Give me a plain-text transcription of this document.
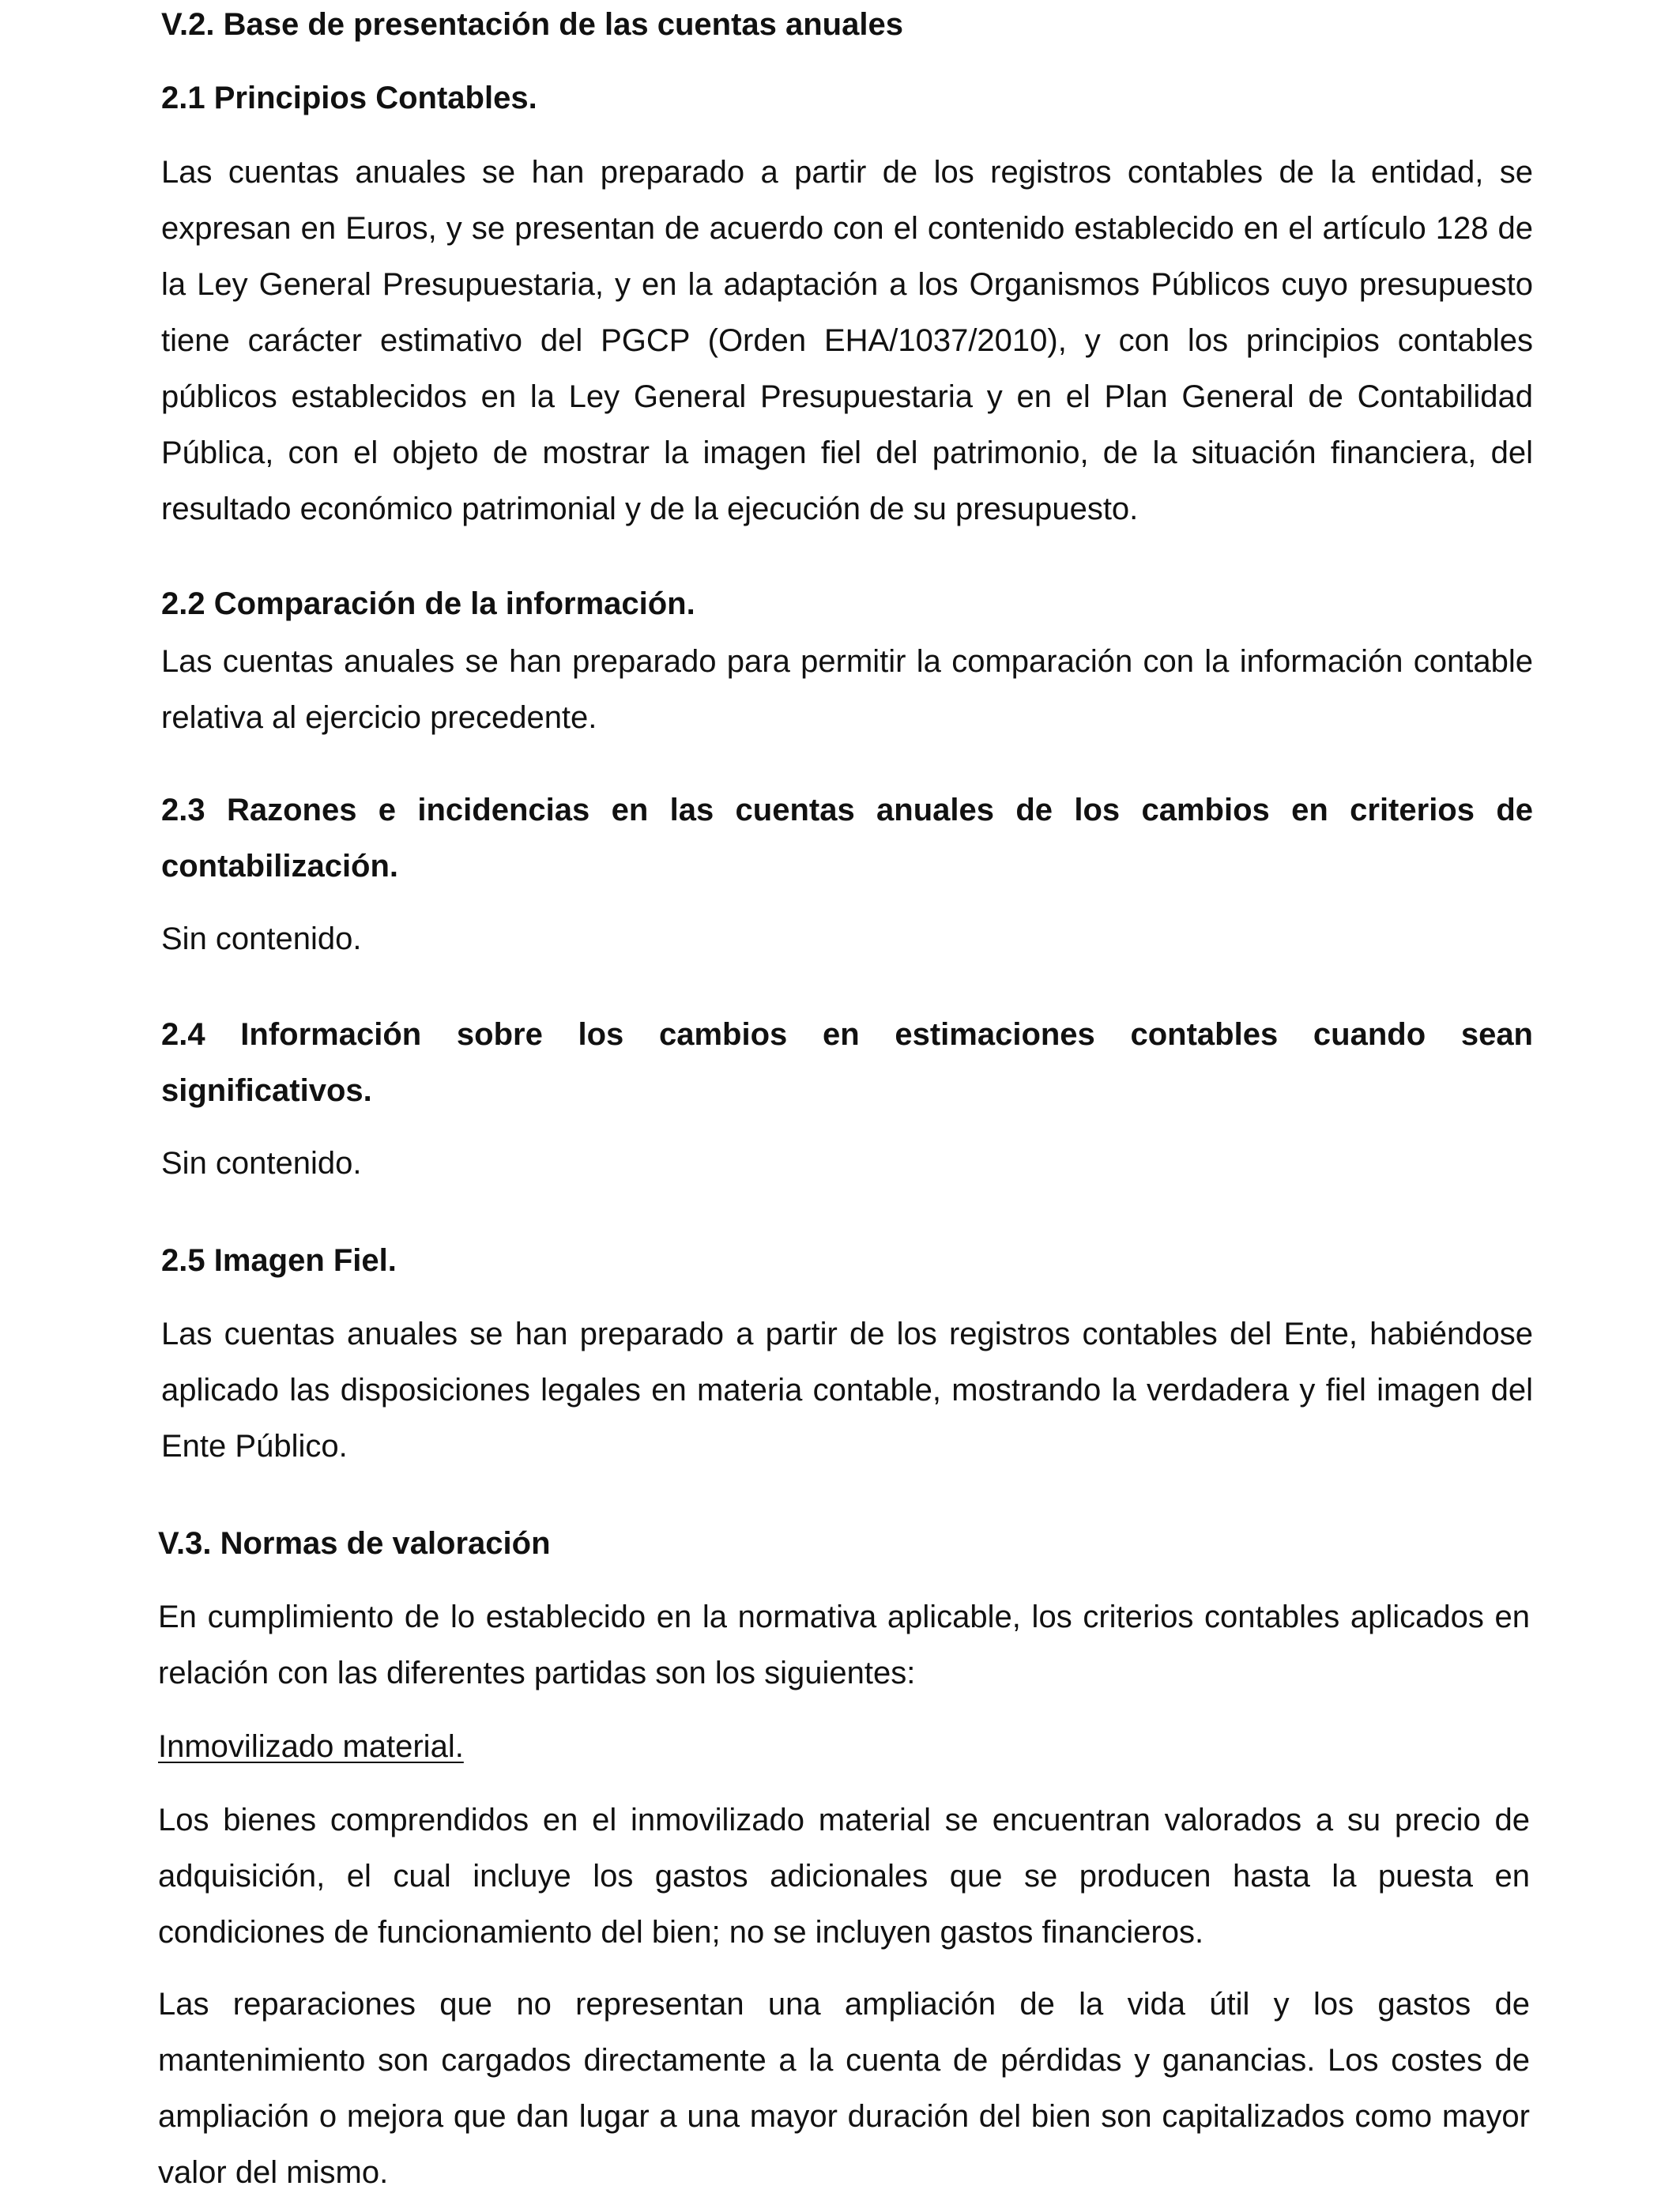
V.2. Base de presentación de las cuentas anuales

2.1 Principios Contables.

Las cuentas anuales se han preparado a partir de los registros contables de la entidad, se expresan en Euros, y se presentan de acuerdo con el contenido establecido en el artículo 128 de la Ley General Presupuestaria, y en la adaptación a los Organismos Públicos cuyo presupuesto tiene carácter estimativo del PGCP (Orden EHA/1037/2010), y con los principios contables públicos establecidos en la Ley General Presupuestaria y en el Plan General de Contabilidad Pública, con el objeto de mostrar la imagen fiel del patrimonio, de la situación financiera, del resultado económico patrimonial y de la ejecución de su presupuesto.

2.2 Comparación de la información.

Las cuentas anuales se han preparado para permitir la comparación con la información contable relativa al ejercicio precedente.

2.3 Razones e incidencias en las cuentas anuales de los cambios en criterios de contabilización.

Sin contenido.

2.4 Información sobre los cambios en estimaciones contables cuando sean significativos.

Sin contenido.

2.5 Imagen Fiel.

Las cuentas anuales se han preparado a partir de los registros contables del Ente, habiéndose aplicado las disposiciones legales en materia contable, mostrando la verdadera y fiel imagen del Ente Público.

V.3. Normas de valoración

En cumplimiento de lo establecido en la normativa aplicable, los criterios contables aplicados en relación con las diferentes partidas son los siguientes:

Inmovilizado material.

Los bienes comprendidos en el inmovilizado material se encuentran valorados a su precio de adquisición, el cual incluye los gastos adicionales que se producen hasta la puesta en condiciones de funcionamiento del bien; no se incluyen gastos financieros.

Las reparaciones que no representan una ampliación de la vida útil y los gastos de mantenimiento son cargados directamente a la cuenta de pérdidas y ganancias. Los costes de ampliación o mejora que dan lugar a una mayor duración del bien son capitalizados como mayor valor del mismo.
